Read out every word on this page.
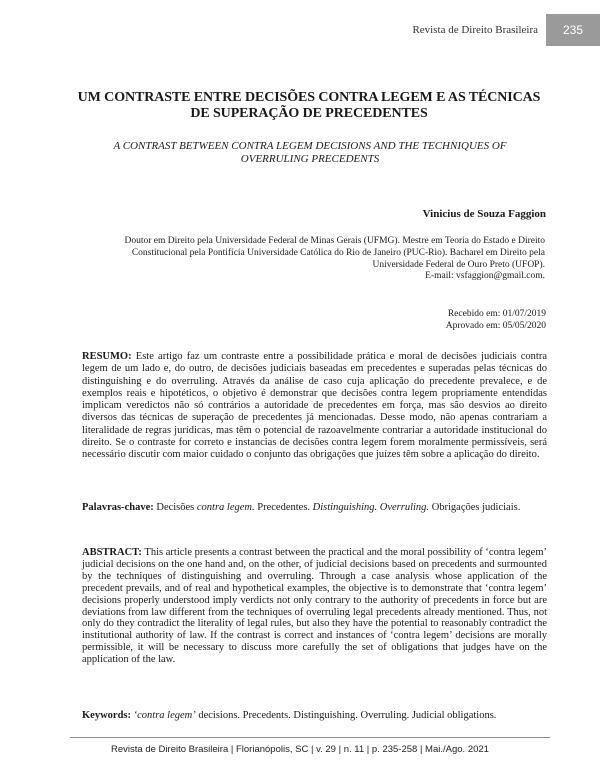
Revista de Direito Brasileira	235
UM CONTRASTE ENTRE DECISÕES CONTRA LEGEM E AS TÉCNICAS DE SUPERAÇÃO DE PRECEDENTES
A CONTRAST BETWEEN CONTRA LEGEM DECISIONS AND THE TECHNIQUES OF OVERRULING PRECEDENTS
Vinicius de Souza Faggion
Doutor em Direito pela Universidade Federal de Minas Gerais (UFMG). Mestre em Teoria do Estado e Direito Constitucional pela Pontifícia Universidade Católica do Rio de Janeiro (PUC-Rio). Bacharel em Direito pela Universidade Federal de Ouro Preto (UFOP).
E-mail: vsfaggion@gmail.com.
Recebido em: 01/07/2019
Aprovado em: 05/05/2020
RESUMO: Este artigo faz um contraste entre a possibilidade prática e moral de decisões judiciais contra legem de um lado e, do outro, de decisões judiciais baseadas em precedentes e superadas pelas técnicas do distinguishing e do overruling. Através da análise de caso cuja aplicação do precedente prevalece, e de exemplos reais e hipotéticos, o objetivo é demonstrar que decisões contra legem propriamente entendidas implicam veredictos não só contrários a autoridade de precedentes em força, mas são desvios ao direito diversos das técnicas de superação de precedentes já mencionadas. Desse modo, não apenas contrariam a literalidade de regras jurídicas, mas têm o potencial de razoavelmente contrariar a autoridade institucional do direito. Se o contraste for correto e instancias de decisões contra legem forem moralmente permissíveis, será necessário discutir com maior cuidado o conjunto das obrigações que juízes têm sobre a aplicação do direito.
Palavras-chave: Decisões contra legem. Precedentes. Distinguishing. Overruling. Obrigações judiciais.
ABSTRACT: This article presents a contrast between the practical and the moral possibility of ‘contra legem’ judicial decisions on the one hand and, on the other, of judicial decisions based on precedents and surmounted by the techniques of distinguishing and overruling. Through a case analysis whose application of the precedent prevails, and of real and hypothetical examples, the objective is to demonstrate that ‘contra legem’ decisions properly understood imply verdicts not only contrary to the authority of precedents in force but are deviations from law different from the techniques of overruling legal precedents already mentioned. Thus, not only do they contradict the literality of legal rules, but also they have the potential to reasonably contradict the institutional authority of law. If the contrast is correct and instances of ‘contra legem’ decisions are morally permissible, it will be necessary to discuss more carefully the set of obligations that judges have on the application of the law.
Keywords: ‘contra legem’ decisions. Precedents. Distinguishing. Overruling. Judicial obligations.
Revista de Direito Brasileira | Florianópolis, SC | v. 29 | n. 11 | p. 235-258 | Mai./Ago. 2021
